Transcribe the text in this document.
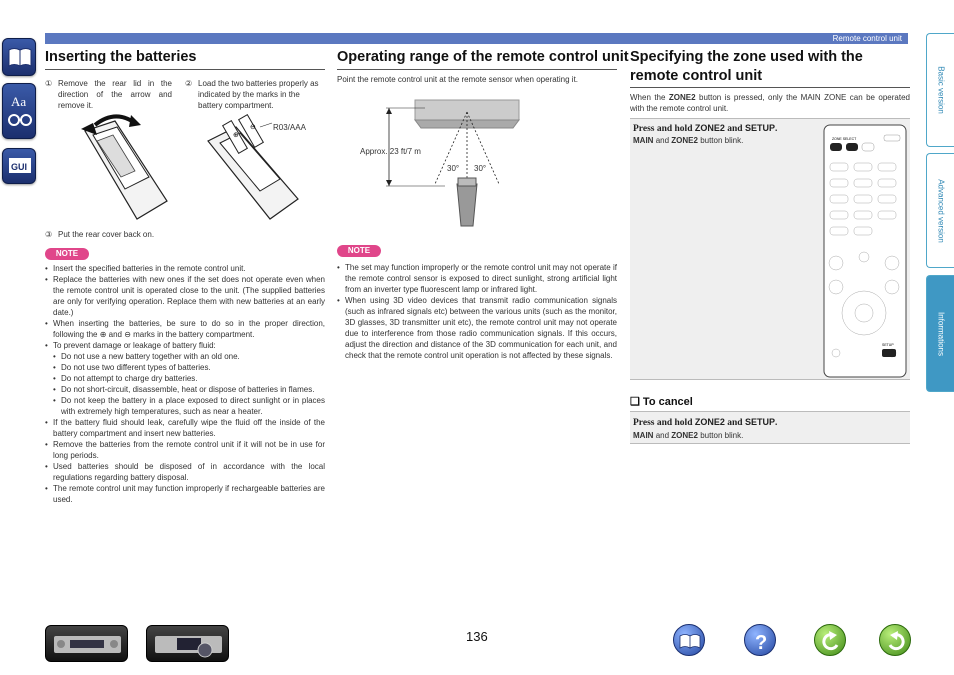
Aa
GUI
Remote control unit
Basic version
Advanced version
Informations
Inserting the batteries
① Remove the rear lid in the direction of the arrow and remove it.
② Load the two batteries properly as indicated by the marks in the battery compartment.
⊕
⊖ R03/AAA
③ Put the rear cover back on.
NOTE
• Insert the specified batteries in the remote control unit.
• Replace the batteries with new ones if the set does not operate even when the remote control unit is operated close to the unit. (The supplied batteries are only for verifying operation. Replace them with new batteries at an early date.)
• When inserting the batteries, be sure to do so in the proper direction, following the ⊕ and ⊖ marks in the battery compartment.
• To prevent damage or leakage of battery fluid:
• Do not use a new battery together with an old one.
• Do not use two different types of batteries.
• Do not attempt to charge dry batteries.
• Do not short-circuit, disassemble, heat or dispose of batteries in flames.
• Do not keep the battery in a place exposed to direct sunlight or in places with extremely high temperatures, such as near a heater.
• If the battery fluid should leak, carefully wipe the fluid off the inside of the battery compartment and insert new batteries.
• Remove the batteries from the remote control unit if it will not be in use for long periods.
• Used batteries should be disposed of in accordance with the local regulations regarding battery disposal.
• The remote control unit may function improperly if rechargeable batteries are used.
Operating range of the remote control unit
Point the remote control unit at the remote sensor when operating it.
Approx. 23 ft/7 m
30° 30°
NOTE
• The set may function improperly or the remote control unit may not operate if the remote control sensor is exposed to direct sunlight, strong artificial light from an inverter type fluorescent lamp or infrared light.
• When using 3D video devices that transmit radio communication signals (such as infrared signals etc) between the various units (such as the monitor, 3D glasses, 3D transmitter unit etc), the remote control unit may not operate due to interference from those radio communication signals. If this occurs, adjust the direction and distance of the 3D communication for each unit, and check that the remote control unit operation is not affected by these signals.
Specifying the zone used with the remote control unit
When the ZONE2 button is pressed, only the MAIN ZONE can be operated with the remote control unit.
Press and hold ZONE2 and SETUP.
MAIN and ZONE2 button blink.	ZONE SELECT
SETUP
❑ To cancel
Press and hold ZONE2 and SETUP.
MAIN and ZONE2 button blink.
136	?
